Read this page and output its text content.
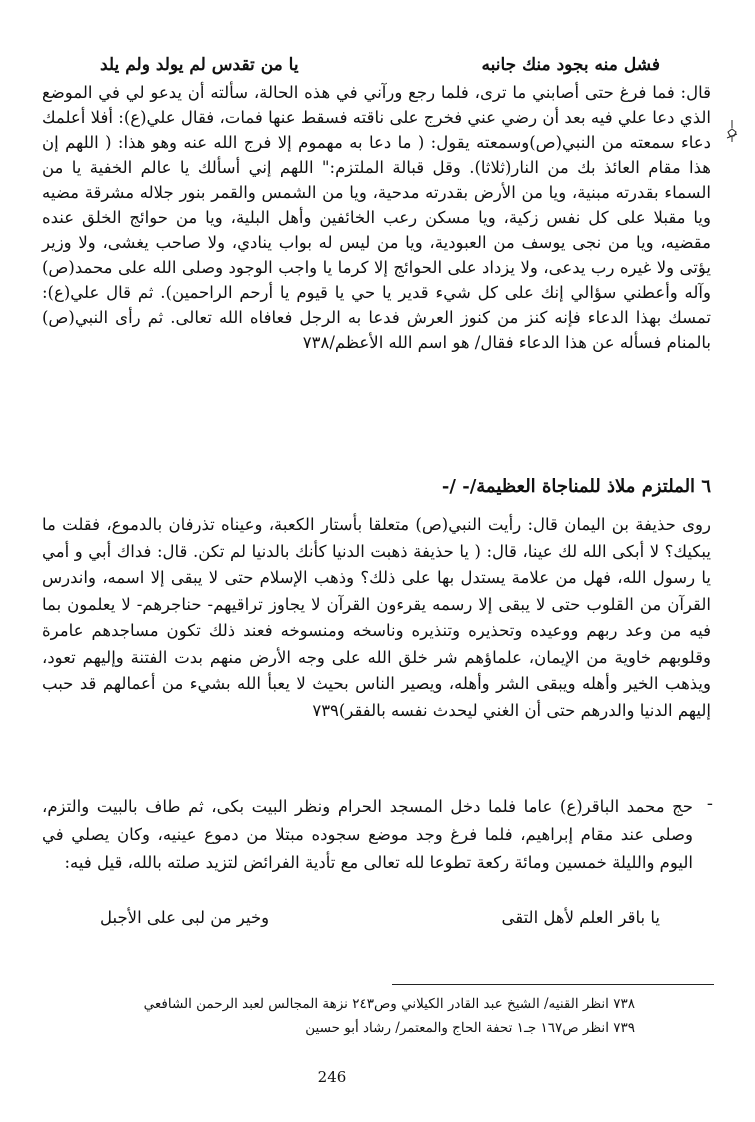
فشل منه بجود منك جانبه
يا من تقدس لم يولد ولم يلد

قال: فما فرغ حتى أصابني ما ترى، فلما رجع ورآني في هذه الحالة، سألته أن يدعو لي في الموضع الذي دعا علي فيه بعد أن رضي عني فخرج على ناقته فسقط عنها فمات، فقال علي(ع): أفلا أعلمك دعاء سمعته من النبي(ص)وسمعته يقول: ( ما دعا به مهموم إلا فرج الله عنه وهو هذا: ( اللهم إن هذا مقام العائذ بك من النار(ثلاثا). وقل قبالة الملتزم:" اللهم إني أسألك يا عالم الخفية يا من السماء بقدرته مبنية، ويا من الأرض بقدرته مدحية، ويا من الشمس والقمر بنور جلاله مشرقة مضيه ويا مقبلا على كل نفس زكية، ويا مسكن رعب الخائفين وأهل البلية، ويا من حوائج الخلق عنده مقضيه، ويا من نجى يوسف من العبودية، ويا من ليس له بواب ينادي، ولا صاحب يغشى، ولا وزير يؤتى ولا غيره رب يدعى، ولا يزداد على الحوائج إلا كرما يا واجب الوجود وصلى الله على محمد(ص) وآله وأعطني سؤالي إنك على كل شيء قدير يا حي يا قيوم يا أرحم الراحمين). ثم قال علي(ع): تمسك بهذا الدعاء فإنه كنز من كنوز العرش فدعا به الرجل فعافاه الله تعالى. ثم رأى النبي(ص) بالمنام فسأله عن هذا الدعاء فقال/ هو اسم الله الأعظم/٧٣٨

٦ الملتزم ملاذ للمناجاة العظيمة/- /-

روى حذيفة بن اليمان قال: رأيت النبي(ص) متعلقا بأستار الكعبة، وعيناه تذرفان بالدموع، فقلت ما يبكيك؟ لا أبكى الله لك عينا، قال: ( يا حذيفة ذهبت الدنيا كأنك بالدنيا لم تكن. قال: فداك أبي و أمي يا رسول الله، فهل من علامة يستدل بها على ذلك؟ وذهب الإسلام حتى لا يبقى إلا اسمه، واندرس القرآن من القلوب حتى لا يبقى إلا رسمه يقرءون القرآن لا يجاوز تراقيهم- حناجرهم- لا يعلمون بما فيه من وعد ربهم ووعيده وتحذيره وتنذيره وناسخه ومنسوخه فعند ذلك تكون مساجدهم عامرة وقلوبهم خاوية من الإيمان، علماؤهم شر خلق الله على وجه الأرض منهم بدت الفتنة وإليهم تعود، ويذهب الخير وأهله ويبقى الشر وأهله، ويصير الناس بحيث لا يعبأ الله بشيء من أعمالهم قد حبب إليهم الدنيا والدرهم حتى أن الغني ليحدث نفسه بالفقر)٧٣٩

-

حج محمد الباقر(ع) عاما فلما دخل المسجد الحرام ونظر البيت بكى، ثم طاف بالبيت والتزم، وصلى عند مقام إبراهيم، فلما فرغ وجد موضع سجوده مبتلا من دموع عينيه، وكان يصلي في اليوم والليلة خمسين ومائة ركعة تطوعا لله تعالى مع تأدية الفرائض لتزيد صلته بالله، قيل فيه:

يا باقر العلم لأهل التقى
وخير من لبى على الأجبل
٧٣٨ انظر القنيه/ الشيخ عبد القادر الكيلاني وص٢٤٣ نزهة المجالس لعبد الرحمن الشافعي
٧٣٩ انظر ص١٦٧ جـ١ تحفة الحاج والمعتمر/ رشاد أبو حسين
246
